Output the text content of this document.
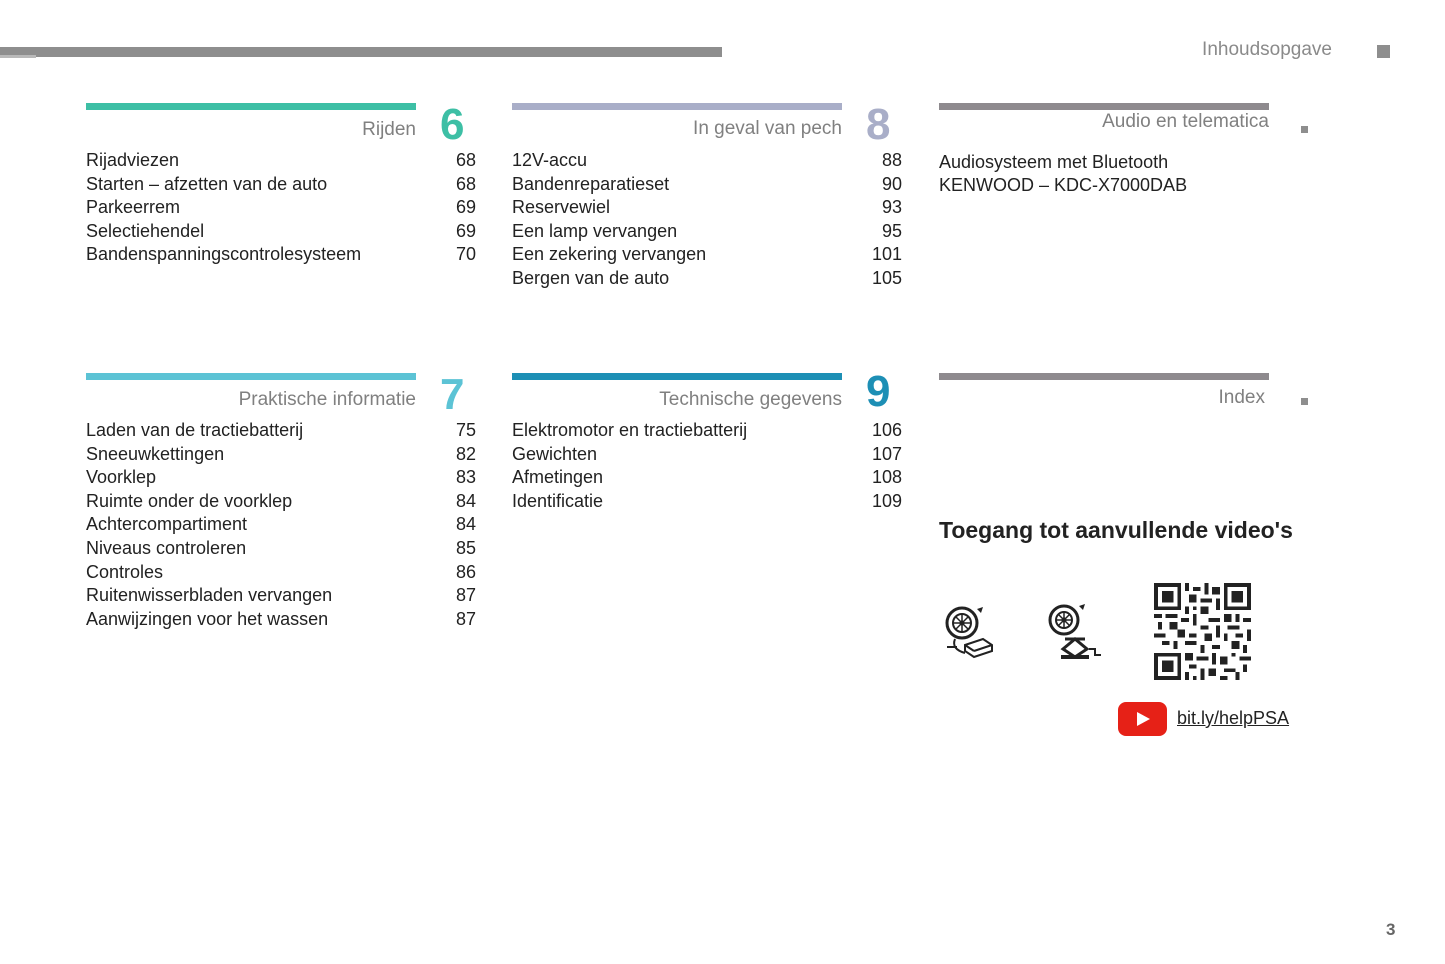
Inhoudsopgave
Rijden 6
Rijadviezen	68
Starten – afzetten van de auto	68
Parkeerrem	69
Selectiehendel	69
Bandenspanningscontrolesysteem	70
In geval van pech 8
12V-accu	88
Bandenreparatieset	90
Reservewiel	93
Een lamp vervangen	95
Een zekering vervangen	101
Bergen van de auto	105
Audio en telematica
Audiosysteem met Bluetooth
KENWOOD – KDC-X7000DAB
Praktische informatie 7
Laden van de tractiebatterij	75
Sneeuwkettingen	82
Voorklep	83
Ruimte onder de voorklep	84
Achtercompartiment	84
Niveaus controleren	85
Controles	86
Ruitenwisserbladen vervangen	87
Aanwijzingen voor het wassen	87
Technische gegevens 9
Elektromotor en tractiebatterij	106
Gewichten	107
Afmetingen	108
Identificatie	109
Index
Toegang tot aanvullende video's
bit.ly/helpPSA
3
